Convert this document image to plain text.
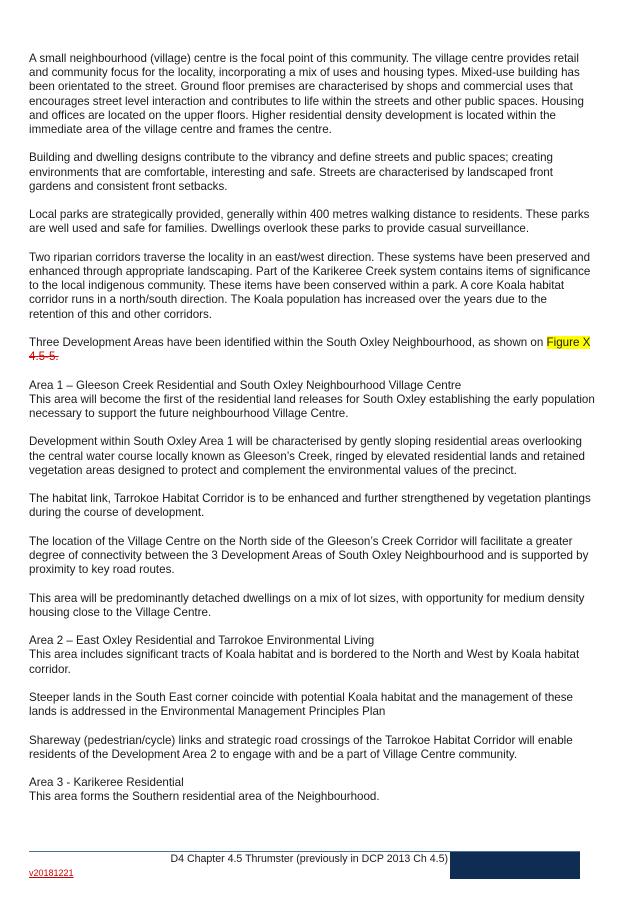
A small neighbourhood (village) centre is the focal point of this community. The village centre provides retail and community focus for the locality, incorporating a mix of uses and housing types. Mixed-use building has been orientated to the street. Ground floor premises are characterised by shops and commercial uses that encourages street level interaction and contributes to life within the streets and other public spaces. Housing and offices are located on the upper floors. Higher residential density development is located within the immediate area of the village centre and frames the centre.

Building and dwelling designs contribute to the vibrancy and define streets and public spaces; creating environments that are comfortable, interesting and safe. Streets are characterised by landscaped front gardens and consistent front setbacks.

Local parks are strategically provided, generally within 400 metres walking distance to residents. These parks are well used and safe for families. Dwellings overlook these parks to provide casual surveillance.

Two riparian corridors traverse the locality in an east/west direction. These systems have been preserved and enhanced through appropriate landscaping. Part of the Karikeree Creek system contains items of significance to the local indigenous community. These items have been conserved within a park. A core Koala habitat corridor runs in a north/south direction. The Koala population has increased over the years due to the retention of this and other corridors.

Three Development Areas have been identified within the South Oxley Neighbourhood, as shown on Figure X 4.5-5.

Area 1 – Gleeson Creek Residential and South Oxley Neighbourhood Village Centre
This area will become the first of the residential land releases for South Oxley establishing the early population necessary to support the future neighbourhood Village Centre.

Development within South Oxley Area 1 will be characterised by gently sloping residential areas overlooking the central water course locally known as Gleeson’s Creek, ringed by elevated residential lands and retained vegetation areas designed to protect and complement the environmental values of the precinct.

The habitat link, Tarrokoe Habitat Corridor is to be enhanced and further strengthened by vegetation plantings during the course of development.

The location of the Village Centre on the North side of the Gleeson’s Creek Corridor will facilitate a greater degree of connectivity between the 3 Development Areas of South Oxley Neighbourhood and is supported by proximity to key road routes.

This area will be predominantly detached dwellings on a mix of lot sizes, with opportunity for medium density housing close to the Village Centre.

Area 2 – East Oxley Residential and Tarrokoe Environmental Living
This area includes significant tracts of Koala habitat and is bordered to the North and West by Koala habitat corridor.

Steeper lands in the South East corner coincide with potential Koala habitat and the management of these lands is addressed in the Environmental Management Principles Plan

Shareway (pedestrian/cycle) links and strategic road crossings of the Tarrokoe Habitat Corridor will enable residents of the Development Area 2 to engage with and be a part of Village Centre community.

Area 3 - Karikeree Residential
This area forms the Southern residential area of the Neighbourhood.

D4 Chapter 4.5 Thrumster (previously in DCP 2013 Ch 4.5)
v20181221
